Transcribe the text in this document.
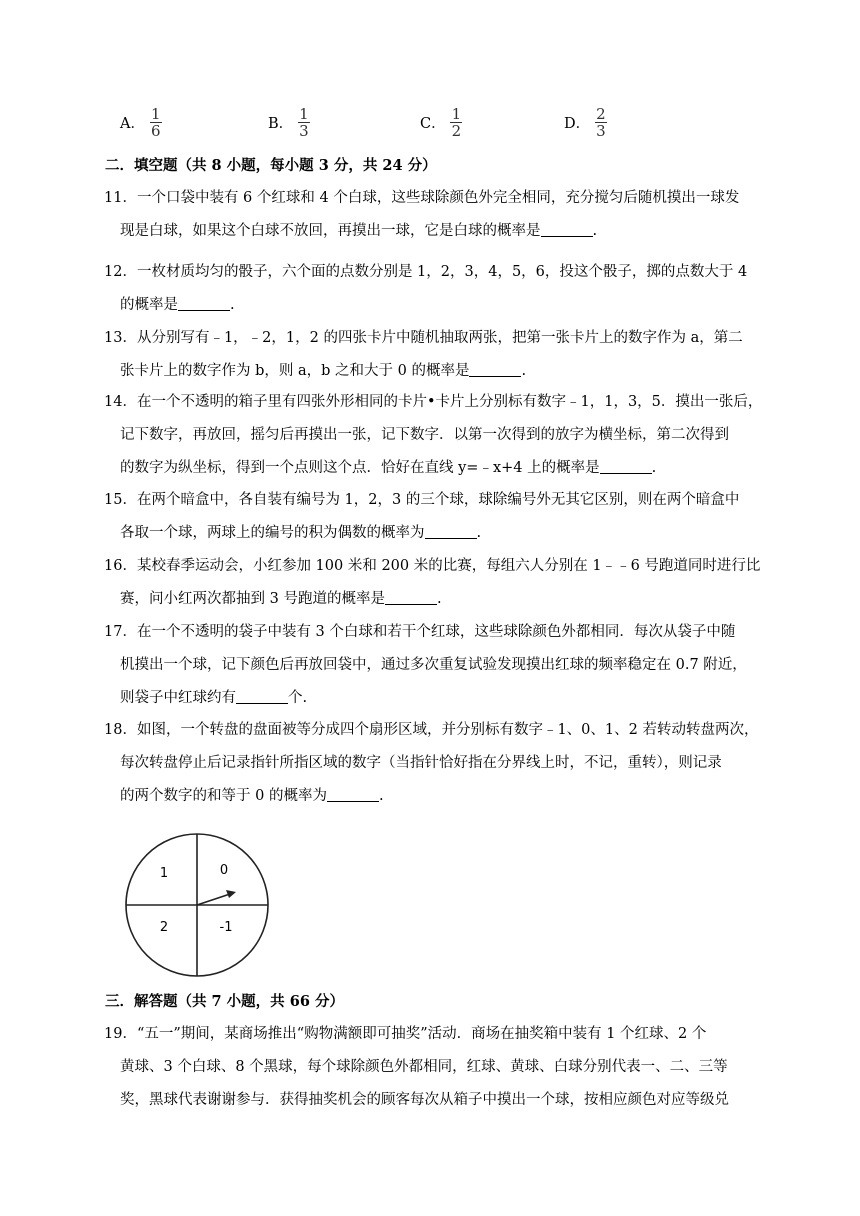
A． $\frac{1}{6}$	B． $\frac{1}{3}$	C． $\frac{1}{2}$	D． $\frac{2}{3}$
二．填空题（共 8 小题，每小题 3 分，共 24 分）

11．一个口袋中装有 6 个红球和 4 个白球，这些球除颜色外完全相同，充分搅匀后随机摸出一球发

现是白球，如果这个白球不放回，再摸出一球，它是白球的概率是	.

12．一枚材质均匀的骰子，六个面的点数分别是 1，2，3，4，5，6，投这个骰子，掷的点数大于 4

的概率是	.

13．从分别写有﹣1，﹣2，1，2 的四张卡片中随机抽取两张，把第一张卡片上的数字作为 a，第二

张卡片上的数字作为 b，则 a，b 之和大于 0 的概率是	.

14．在一个不透明的箱子里有四张外形相同的卡片•卡片上分别标有数字﹣1，1，3，5．摸出一张后，

记下数字，再放回，摇匀后再摸出一张，记下数字．以第一次得到的放字为横坐标，第二次得到

的数字为纵坐标，得到一个点则这个点．恰好在直线 y=﹣x+4 上的概率是	.

15．在两个暗盒中，各自装有编号为 1，2，3 的三个球，球除编号外无其它区别，则在两个暗盒中

各取一个球，两球上的编号的积为偶数的概率为	.

16．某校春季运动会，小红参加 100 米和 200 米的比赛，每组六人分别在 1﹣﹣6 号跑道同时进行比

赛，问小红两次都抽到 3 号跑道的概率是	.

17．在一个不透明的袋子中装有 3 个白球和若干个红球，这些球除颜色外都相同．每次从袋子中随

机摸出一个球，记下颜色后再放回袋中，通过多次重复试验发现摸出红球的频率稳定在 0.7 附近，

则袋子中红球约有	个.

18．如图，一个转盘的盘面被等分成四个扇形区域，并分别标有数字﹣1、0、1、2 若转动转盘两次，

每次转盘停止后记录指针所指区域的数字（当指针恰好指在分界线上时，不记，重转），则记录

的两个数字的和等于 0 的概率为	.

1	0
2	-1
三．解答题（共 7 小题，共 66 分）

19．“五一”期间，某商场推出“购物满额即可抽奖”活动．商场在抽奖箱中装有 1 个红球、2 个

黄球、3 个白球、8 个黑球，每个球除颜色外都相同，红球、黄球、白球分别代表一、二、三等

奖，黑球代表谢谢参与．获得抽奖机会的顾客每次从箱子中摸出一个球，按相应颜色对应等级兑
